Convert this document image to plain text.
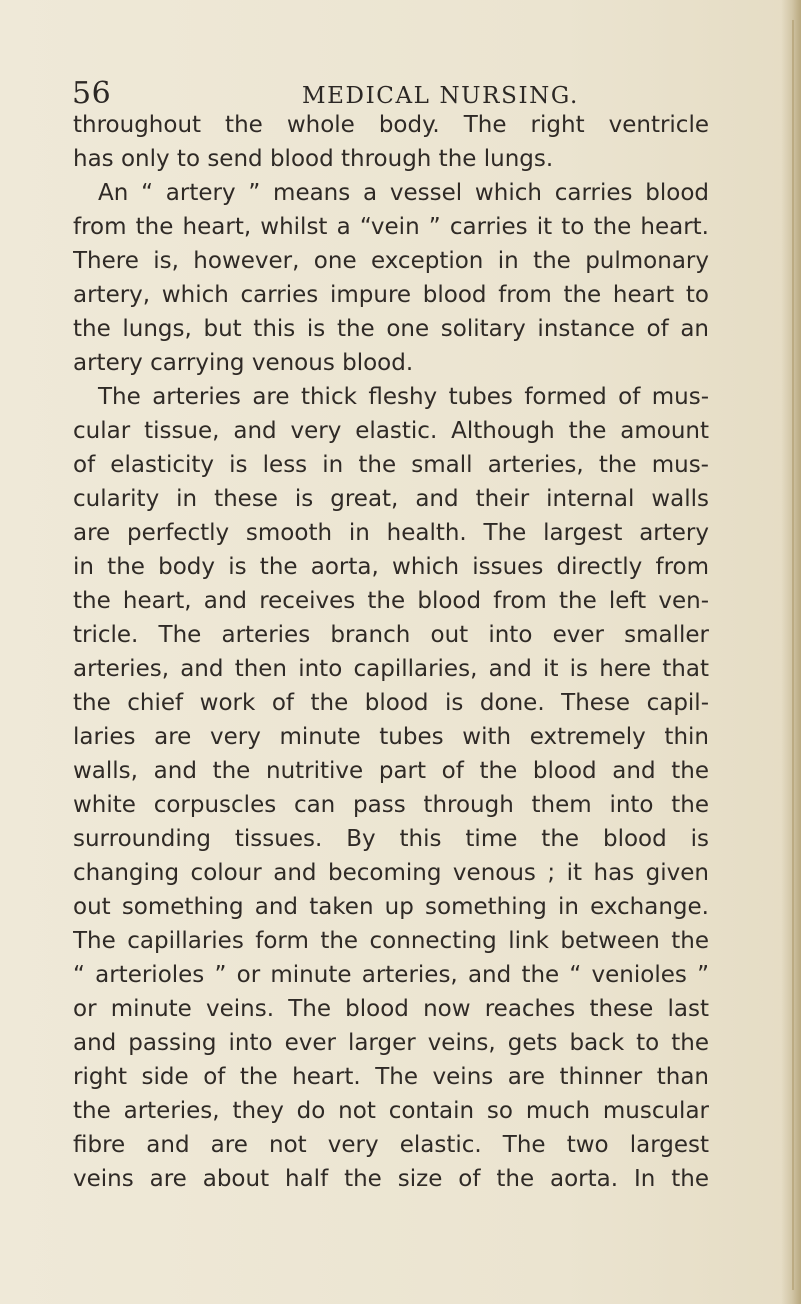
56	MEDICAL NURSING.
throughout the whole body. The right ventricle
has only to send blood through the lungs.
An “ artery ” means a vessel which carries blood
from the heart, whilst a “vein ” carries it to the heart.
There is, however, one exception in the pulmonary
artery, which carries impure blood from the heart to
the lungs, but this is the one solitary instance of an
artery carrying venous blood.
The arteries are thick fleshy tubes formed of mus-
cular tissue, and very elastic. Although the amount
of elasticity is less in the small arteries, the mus-
cularity in these is great, and their internal walls
are perfectly smooth in health. The largest artery
in the body is the aorta, which issues directly from
the heart, and receives the blood from the left ven-
tricle. The arteries branch out into ever smaller
arteries, and then into capillaries, and it is here that
the chief work of the blood is done. These capil-
laries are very minute tubes with extremely thin
walls, and the nutritive part of the blood and the
white corpuscles can pass through them into the
surrounding tissues. By this time the blood is
changing colour and becoming venous ; it has given
out something and taken up something in exchange.
The capillaries form the connecting link between the
“ arterioles ” or minute arteries, and the “ venioles ”
or minute veins. The blood now reaches these last
and passing into ever larger veins, gets back to the
right side of the heart. The veins are thinner than
the arteries, they do not contain so much muscular
fibre and are not very elastic. The two largest
veins are about half the size of the aorta. In the
